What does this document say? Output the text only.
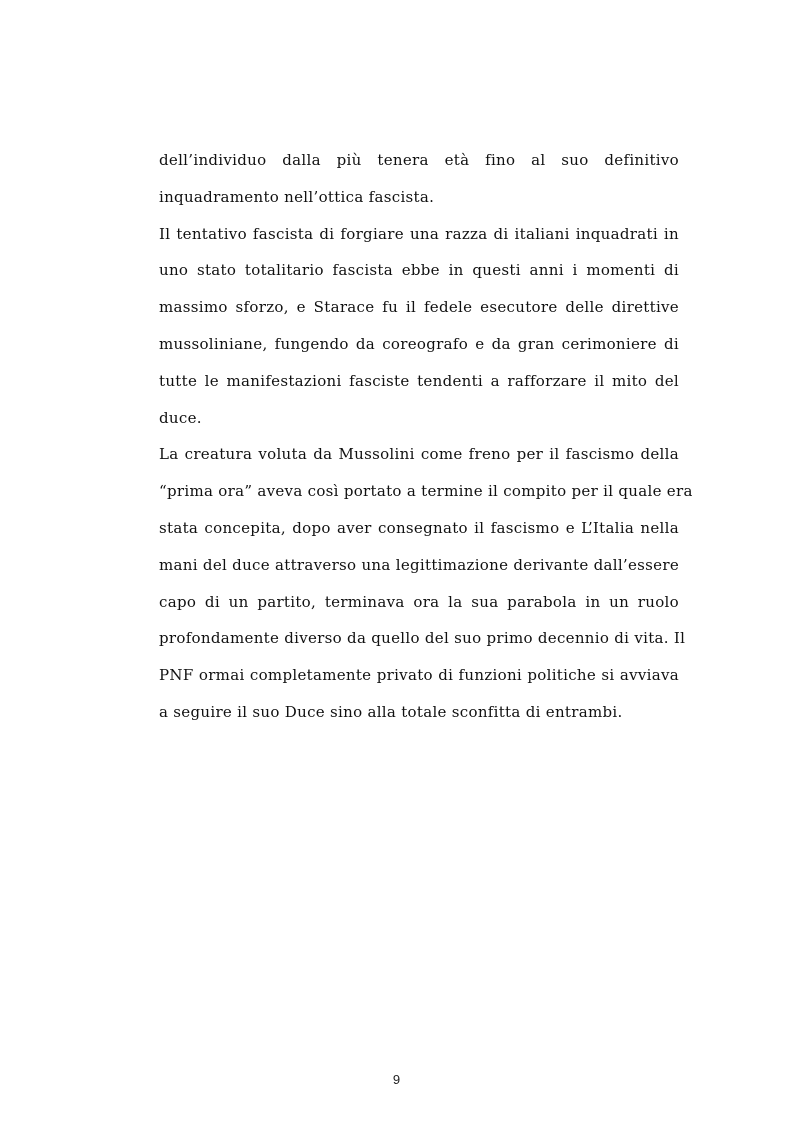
dell’individuo dalla più tenera età fino al suo definitivo
inquadramento nell’ottica fascista.
Il tentativo fascista di forgiare una razza di italiani inquadrati in
uno stato totalitario fascista ebbe in questi anni i momenti di
massimo sforzo, e Starace fu il fedele esecutore delle direttive
mussoliniane, fungendo da coreografo e da gran cerimoniere di
tutte le manifestazioni fasciste tendenti a rafforzare il mito del
duce.
La creatura voluta da Mussolini come freno per il fascismo della
“prima ora” aveva così portato a termine il compito per il quale era
stata concepita, dopo aver consegnato il fascismo e L’Italia nella
mani del duce attraverso una legittimazione derivante dall’essere
capo di un partito, terminava ora la sua parabola in un ruolo
profondamente diverso da quello del suo primo decennio di vita. Il
PNF ormai completamente privato di funzioni politiche si avviava
a seguire il suo Duce sino alla totale sconfitta di entrambi.
9
